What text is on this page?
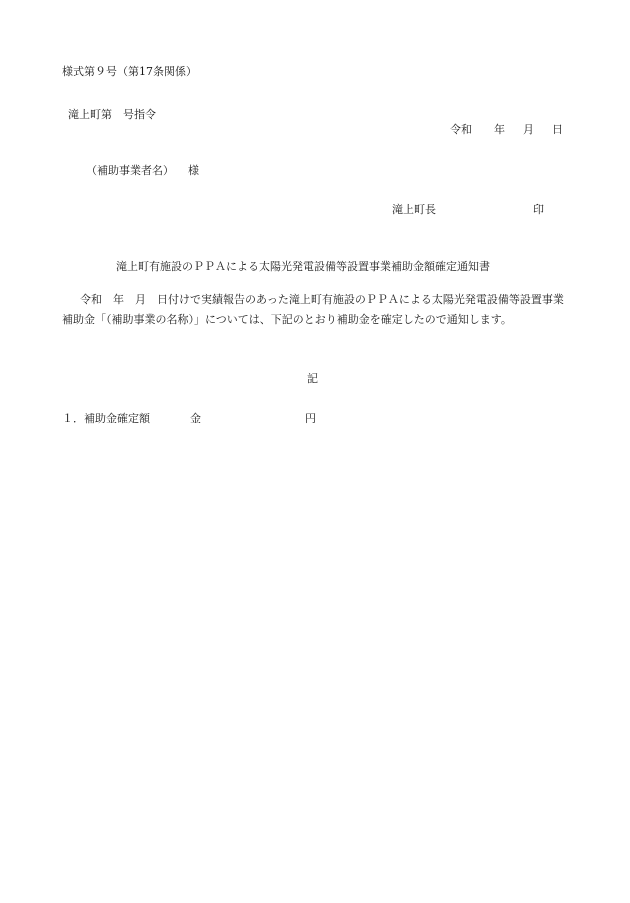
様式第９号（第17条関係）
滝上町第　号指令
令和 年 月 日
（補助事業者名） 様
滝上町長	印
滝上町有施設のＰＰＡによる太陽光発電設備等設置事業補助金額確定通知書
令和　年　月　日付けで実績報告のあった滝上町有施設のＰＰＡによる太陽光発電設備等設置事業補助金「（補助事業の名称）」については、下記のとおり補助金を確定したので通知します。
記
１．補助金確定額	金	円
